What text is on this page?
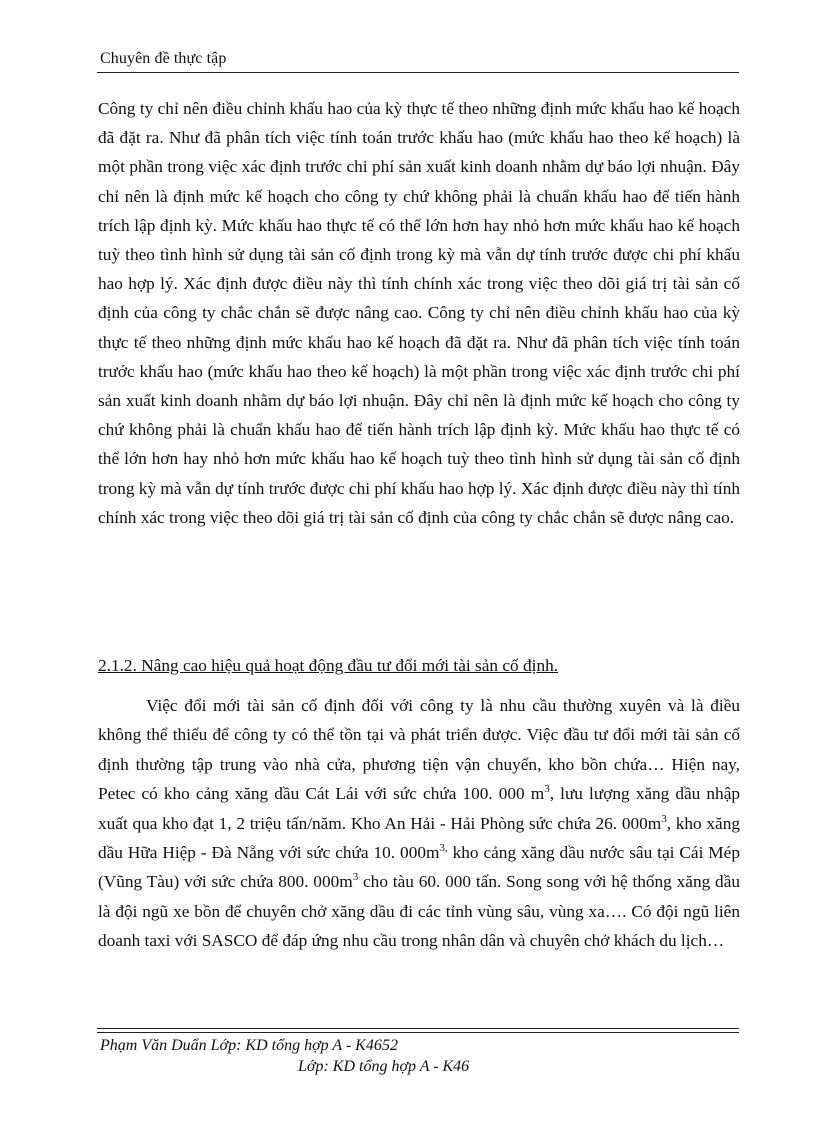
Chuyên đề thực tập

Công ty chỉ nên điều chỉnh khấu hao của kỳ thực tế theo những định mức khấu hao kế hoạch đã đặt ra. Như đã phân tích việc tính toán trước khấu hao (mức khấu hao theo kế hoạch) là một phần trong việc xác định trước chi phí sản xuất kinh doanh nhằm dự báo lợi nhuận. Đây chỉ nên là định mức kế hoạch cho công ty chứ không phải là chuẩn khấu hao để tiến hành trích lập định kỳ. Mức khấu hao thực tế có thể lớn hơn hay nhỏ hơn mức khấu hao kế hoạch tuỳ theo tình hình sử dụng tài sản cố định trong kỳ mà vẫn dự tính trước được chi phí khấu hao hợp lý. Xác định được điều này thì tính chính xác trong việc theo dõi giá trị tài sản cố định của công ty chắc chắn sẽ được nâng cao. Công ty chỉ nên điều chỉnh khấu hao của kỳ thực tế theo những định mức khấu hao kế hoạch đã đặt ra. Như đã phân tích việc tính toán trước khấu hao (mức khấu hao theo kế hoạch) là một phần trong việc xác định trước chi phí sản xuất kinh doanh nhằm dự báo lợi nhuận. Đây chỉ nên là định mức kế hoạch cho công ty chứ không phải là chuẩn khấu hao để tiến hành trích lập định kỳ. Mức khấu hao thực tế có thể lớn hơn hay nhỏ hơn mức khấu hao kế hoạch tuỳ theo tình hình sử dụng tài sản cố định trong kỳ mà vẫn dự tính trước được chi phí khấu hao hợp lý. Xác định được điều này thì tính chính xác trong việc theo dõi giá trị tài sản cố định của công ty chắc chắn sẽ được nâng cao.

2.1.2. Nâng cao hiệu quả hoạt động đầu tư đổi mới tài sản cố định.

Việc đổi mới tài sản cố định đối với công ty là nhu cầu thường xuyên và là điều không thể thiếu để công ty có thể tồn tại và phát triển được. Việc đầu tư đổi mới tài sản cố định thường tập trung vào nhà cửa, phương tiện vận chuyển, kho bồn chứa… Hiện nay, Petec có kho cảng xăng dầu Cát Lái với sức chứa 100. 000 $m^3$, lưu lượng xăng dầu nhập xuất qua kho đạt 1, 2 triệu tấn/năm. Kho An Hải - Hải Phòng sức chứa 26. $000m^3$, kho xăng dầu Hữa Hiệp - Đà Nẵng với sức chứa 10. $000m^{3,}$ kho cảng xăng dầu nước sâu tại Cái Mép (Vũng Tàu) với sức chứa 800. $000m^3$ cho tàu 60. 000 tấn. Song song với hệ thống xăng dầu là đội ngũ xe bồn để chuyên chở xăng dầu đi các tỉnh vùng sâu, vùng xa…. Có đội ngũ liên doanh taxi với SASCO để đáp ứng nhu cầu trong nhân dân và chuyên chở khách du lịch…

Phạm Văn Duẩn Lớp: KD tổng hợp A - K46 52
Lớp: KD tổng hợp A - K46
